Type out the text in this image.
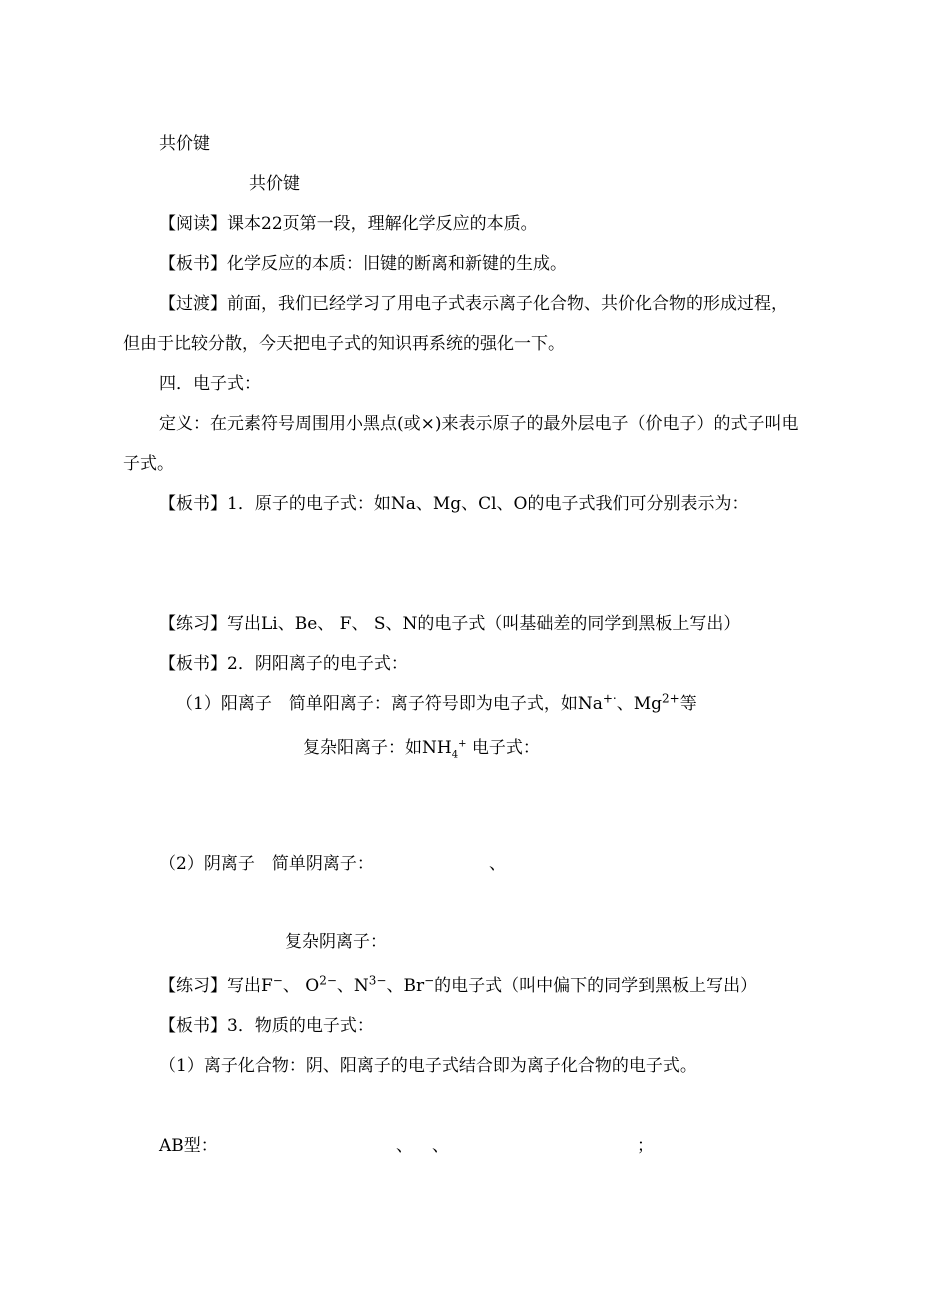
共价键
共价键
【阅读】课本22页第一段，理解化学反应的本质。
【板书】化学反应的本质：旧键的断离和新键的生成。
【过渡】前面，我们已经学习了用电子式表示离子化合物、共价化合物的形成过程，
但由于比较分散，今天把电子式的知识再系统的强化一下。
四．电子式：
定义：在元素符号周围用小黑点(或×)来表示原子的最外层电子（价电子）的式子叫电
子式。
【板书】1．原子的电子式：如Na、Mg、Cl、O的电子式我们可分别表示为：
【练习】写出Li、Be、 F、 S、N的电子式（叫基础差的同学到黑板上写出）
【板书】2．阴阳离子的电子式：
（1）阳离子　简单阳离子：离子符号即为电子式，如Na+·、$Mg^{2+}$等
复杂阳离子：如$NH_4^+$ 电子式：
（2）阴离子　简单阴离子：	、
复杂阴离子：
【练习】写出F−、 $O^{2-}$、$N^{3-}$、Br−的电子式（叫中偏下的同学到黑板上写出）
【板书】3．物质的电子式：
（1）离子化合物：阴、阳离子的电子式结合即为离子化合物的电子式。
AB型：	、 、	；
